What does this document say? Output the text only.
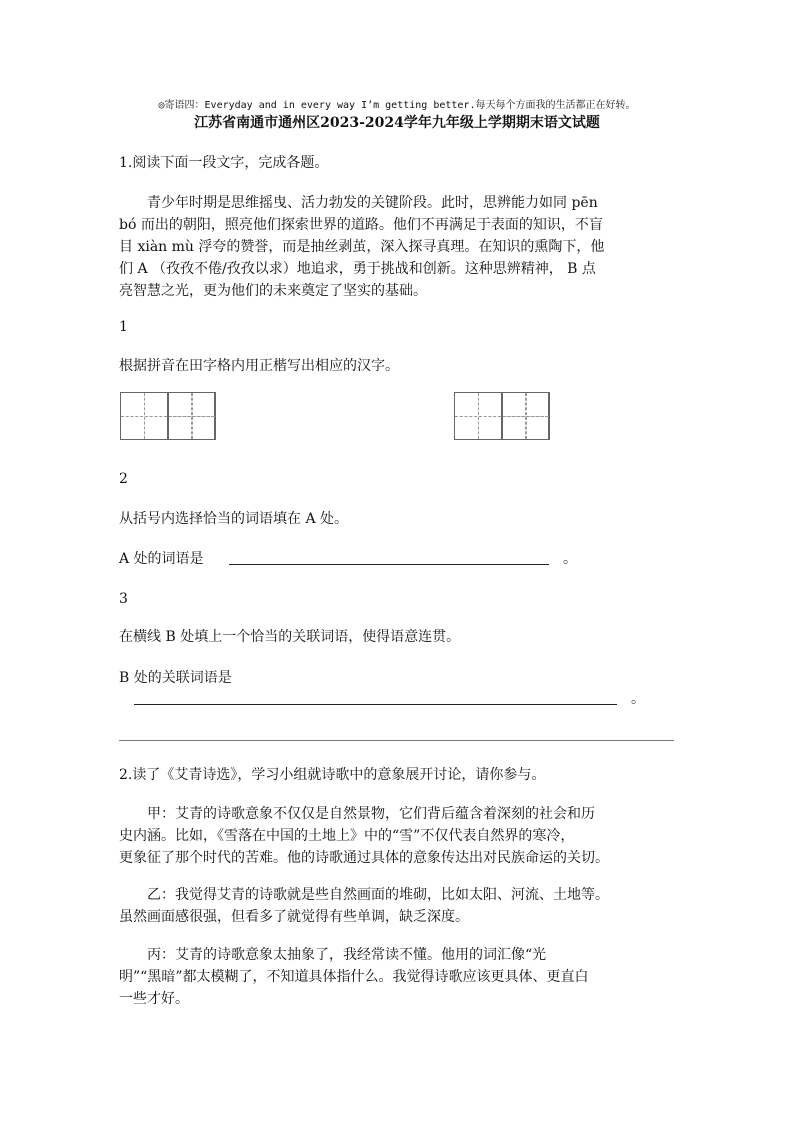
◎寄语四：Everyday and in every way I’m getting better.每天每个方面我的生活都正在好转。
江苏省南通市通州区2023-2024学年九年级上学期期末语文试题
1.阅读下面一段文字，完成各题。
青少年时期是思维摇曳、活力勃发的关键阶段。此时，思辨能力如同 pēn
bó 而出的朝阳，照亮他们探索世界的道路。他们不再满足于表面的知识，不盲
目 xiàn mù 浮夸的赞誉，而是抽丝剥茧，深入探寻真理。在知识的熏陶下，他
们 A （孜孜不倦/孜孜以求）地追求，勇于挑战和创新。这种思辨精神， B 点
亮智慧之光，更为他们的未来奠定了坚实的基础。
1
根据拼音在田字格内用正楷写出相应的汉字。
2
从括号内选择恰当的词语填在 A 处。
A 处的词语是	。
3
在横线 B 处填上一个恰当的关联词语，使得语意连贯。
B 处的关联词语是
。
2.读了《艾青诗选》，学习小组就诗歌中的意象展开讨论，请你参与。
甲：艾青的诗歌意象不仅仅是自然景物，它们背后蕴含着深刻的社会和历
史内涵。比如，《雪落在中国的土地上》中的“雪”不仅代表自然界的寒冷，
更象征了那个时代的苦难。他的诗歌通过具体的意象传达出对民族命运的关切。
乙：我觉得艾青的诗歌就是些自然画面的堆砌，比如太阳、河流、土地等。
虽然画面感很强，但看多了就觉得有些单调，缺乏深度。
丙：艾青的诗歌意象太抽象了，我经常读不懂。他用的词汇像“光
明”“黑暗”都太模糊了，不知道具体指什么。我觉得诗歌应该更具体、更直白
一些才好。
